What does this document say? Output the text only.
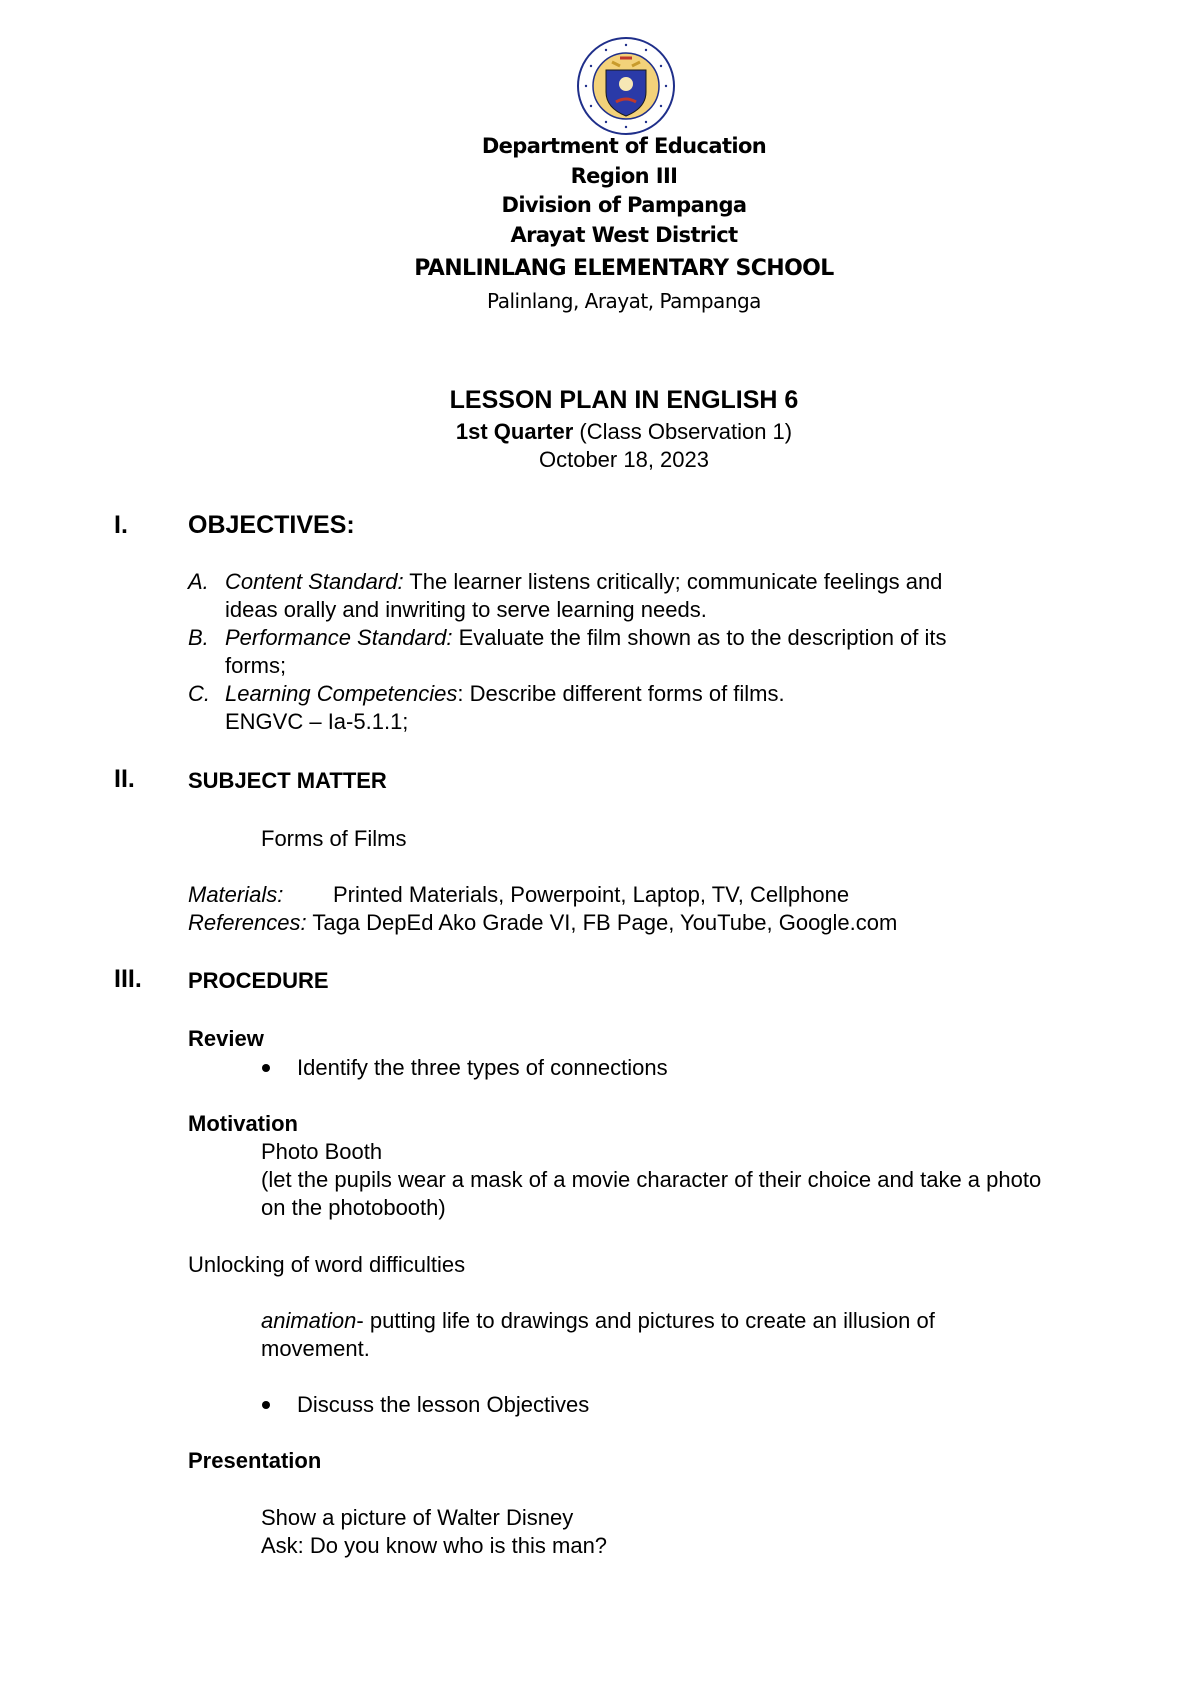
Department of Education
Region III
Division of Pampanga
Arayat West District
PANLINLANG ELEMENTARY SCHOOL
Palinlang, Arayat, Pampanga
LESSON PLAN IN ENGLISH 6
1st Quarter (Class Observation 1)
October 18, 2023
I. OBJECTIVES:
A. Content Standard: The learner listens critically; communicate feelings and
ideas orally and inwriting to serve learning needs.
B. Performance Standard: Evaluate the film shown as to the description of its
forms;
C. Learning Competencies: Describe different forms of films.
ENGVC – Ia-5.1.1;
II. SUBJECT MATTER
Forms of Films
Materials: Printed Materials, Powerpoint, Laptop, TV, Cellphone
References: Taga DepEd Ako Grade VI, FB Page, YouTube, Google.com
III. PROCEDURE
Review
Identify the three types of connections
Motivation
Photo Booth
(let the pupils wear a mask of a movie character of their choice and take a photo
on the photobooth)
Unlocking of word difficulties
animation- putting life to drawings and pictures to create an illusion of
movement.
Discuss the lesson Objectives
Presentation
Show a picture of Walter Disney
Ask: Do you know who is this man?
